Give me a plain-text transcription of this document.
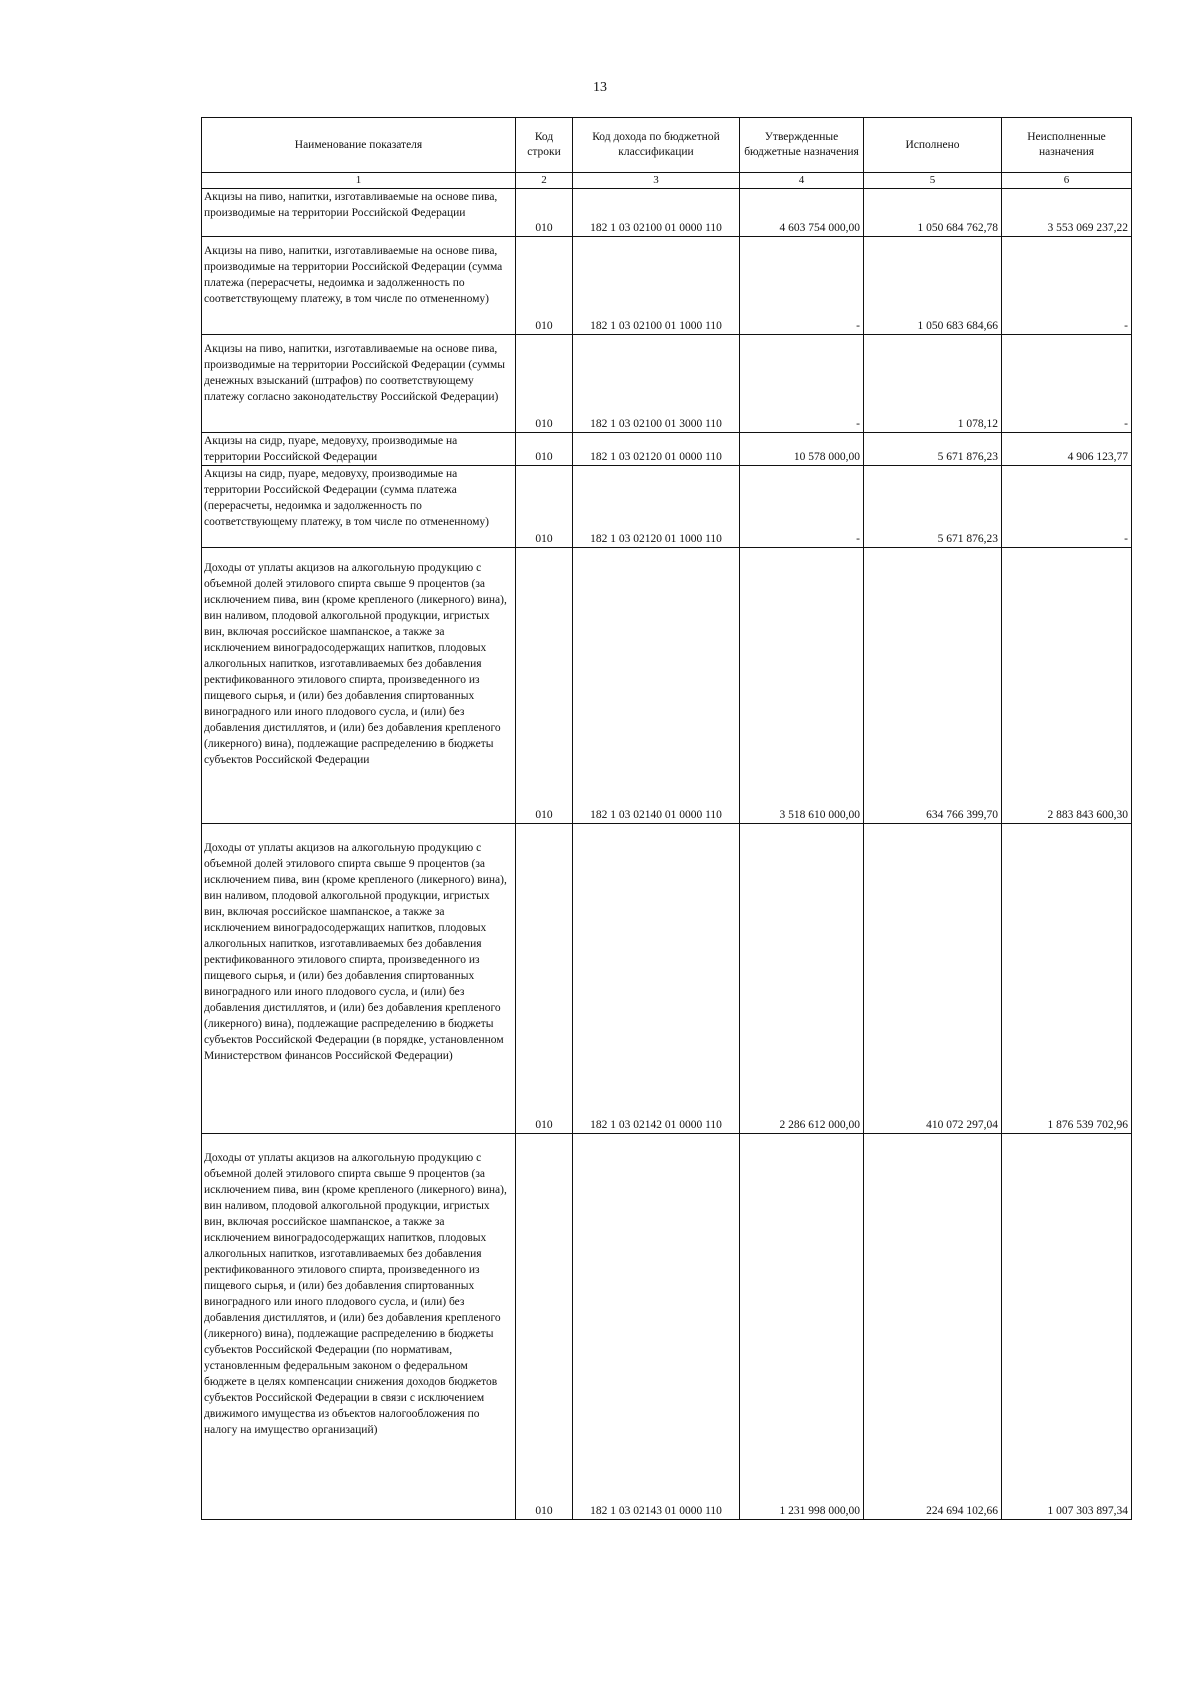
13
Наименование показателя	Код строки	Код дохода по бюджетной классификации	Утвержденные бюджетные назначения	Исполнено	Неисполненные назначения
1	2	3	4	5	6
Акцизы на пиво, напитки, изготавливаемые на основе пива, производимые на территории Российской Федерации	010	182 1 03 02100 01 0000 110	4 603 754 000,00	1 050 684 762,78	3 553 069 237,22
Акцизы на пиво, напитки, изготавливаемые на основе пива, производимые на территории Российской Федерации (сумма платежа (перерасчеты, недоимка и задолженность по соответствующему платежу, в том числе по отмененному)	010	182 1 03 02100 01 1000 110	-	1 050 683 684,66	-
Акцизы на пиво, напитки, изготавливаемые на основе пива, производимые на территории Российской Федерации (суммы денежных взысканий (штрафов) по соответствующему платежу согласно законодательству Российской Федерации)	010	182 1 03 02100 01 3000 110	-	1 078,12	-
Акцизы на сидр, пуаре, медовуху, производимые на территории Российской Федерации	010	182 1 03 02120 01 0000 110	10 578 000,00	5 671 876,23	4 906 123,77
Акцизы на сидр, пуаре, медовуху, производимые на территории Российской Федерации (сумма платежа (перерасчеты, недоимка и задолженность по соответствующему платежу, в том числе по отмененному)	010	182 1 03 02120 01 1000 110	-	5 671 876,23	-
Доходы от уплаты акцизов на алкогольную продукцию с объемной долей этилового спирта свыше 9 процентов (за исключением пива, вин (кроме крепленого (ликерного) вина), вин наливом, плодовой алкогольной продукции, игристых вин, включая российское шампанское, а также за исключением виноградосодержащих напитков, плодовых алкогольных напитков, изготавливаемых без добавления ректификованного этилового спирта, произведенного из пищевого сырья, и (или) без добавления спиртованных виноградного или иного плодового сусла, и (или) без добавления дистиллятов, и (или) без добавления крепленого (ликерного) вина), подлежащие распределению в бюджеты субъектов Российской Федерации	010	182 1 03 02140 01 0000 110	3 518 610 000,00	634 766 399,70	2 883 843 600,30
Доходы от уплаты акцизов на алкогольную продукцию с объемной долей этилового спирта свыше 9 процентов (за исключением пива, вин (кроме крепленого (ликерного) вина), вин наливом, плодовой алкогольной продукции, игристых вин, включая российское шампанское, а также за исключением виноградосодержащих напитков, плодовых алкогольных напитков, изготавливаемых без добавления ректификованного этилового спирта, произведенного из пищевого сырья, и (или) без добавления спиртованных виноградного или иного плодового сусла, и (или) без добавления дистиллятов, и (или) без добавления крепленого (ликерного) вина), подлежащие распределению в бюджеты субъектов Российской Федерации (в порядке, установленном Министерством финансов Российской Федерации)	010	182 1 03 02142 01 0000 110	2 286 612 000,00	410 072 297,04	1 876 539 702,96
Доходы от уплаты акцизов на алкогольную продукцию с объемной долей этилового спирта свыше 9 процентов (за исключением пива, вин (кроме крепленого (ликерного) вина), вин наливом, плодовой алкогольной продукции, игристых вин, включая российское шампанское, а также за исключением виноградосодержащих напитков, плодовых алкогольных напитков, изготавливаемых без добавления ректификованного этилового спирта, произведенного из пищевого сырья, и (или) без добавления спиртованных виноградного или иного плодового сусла, и (или) без добавления дистиллятов, и (или) без добавления крепленого (ликерного) вина), подлежащие распределению в бюджеты субъектов Российской Федерации (по нормативам, установленным федеральным законом о федеральном бюджете в целях компенсации снижения доходов бюджетов субъектов Российской Федерации в связи с исключением движимого имущества из объектов налогообложения по налогу на имущество организаций)	010	182 1 03 02143 01 0000 110	1 231 998 000,00	224 694 102,66	1 007 303 897,34
